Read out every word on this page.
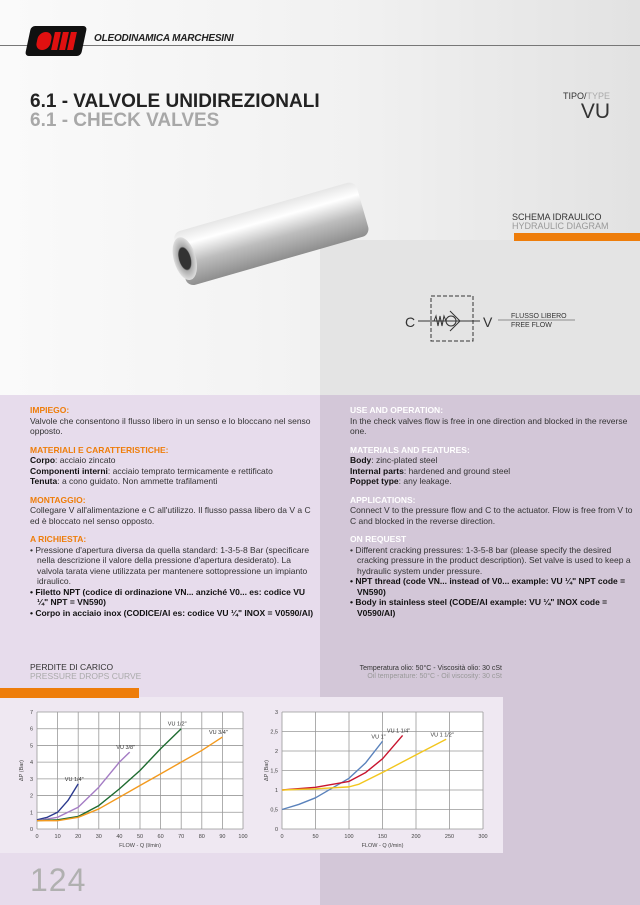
OLEODINAMICA MARCHESINI
6.1 - VALVOLE UNIDIREZIONALI
6.1 - CHECK VALVES
TIPO/TYPE
VU
SCHEMA IDRAULICO
HYDRAULIC DIAGRAM
C	V	FLUSSO LIBERO
FREE FLOW
IMPIEGO:

Valvole che consentono il flusso libero in un senso e lo bloccano nel senso opposto.

MATERIALI E CARATTERISTICHE:

Corpo: acciaio zincato

Componenti interni: acciaio temprato termicamente e rettificato

Tenuta: a cono guidato. Non ammette trafilamenti

MONTAGGIO:

Collegare V all'alimentazione e C all'utilizzo. Il flusso passa libero da V a C ed è bloccato nel senso opposto.

A RICHIESTA:

• Pressione d'apertura diversa da quella standard: 1-3-5-8 Bar (specificare nella descrizione il valore della pressione d'apertura desiderato). La valvola tarata viene utilizzata per mantenere sottopressione un impianto idraulico.

• Filetto NPT (codice di ordinazione VN... anziché V0... es: codice VU ¼" NPT = VN590)

• Corpo in acciaio inox (CODICE/AI es: codice VU ¼" INOX = V0590/AI)

USE AND OPERATION:

In the check valves flow is free in one direction and blocked in the reverse one.

MATERIALS AND FEATURES:

Body: zinc-plated steel

Internal parts: hardened and ground steel

Poppet type: any leakage.

APPLICATIONS:

Connect V to the pressure flow and C to the actuator. Flow is free from V to C and blocked in the reverse direction.

ON REQUEST

• Different cracking pressures: 1-3-5-8 bar (please specify the desired cracking pressure in the product description). Set valve is used to keep a hydraulic system under pressure.

• NPT thread (code VN... instead of V0... example: VU ¼" NPT code = VN590)

• Body in stainless steel (CODE/AI example: VU ¼" INOX code = V0590/AI)

PERDITE DI CARICO
PRESSURE DROPS CURVE
Temperatura olio: 50°C - Viscosità olio: 30 cSt
Oil temperature: 50°C - Oil viscosity: 30 cSt
0	10	20	30	40	50	60	70	80	90 100
0
1
2
3
4
5
6
7
FLOW - Q (l/min)
ΔP (Bar)	VU 1/4"
VU 3/8"
VU 1/2"
VU 3/4"
0	50	100	150	200	250	300
0
0,5
1
1,5
2
2,5
3
FLOW - Q (l/min)
ΔP (Bar)
VU 1"
VU 1 1/4"
VU 1 1/2"
124
